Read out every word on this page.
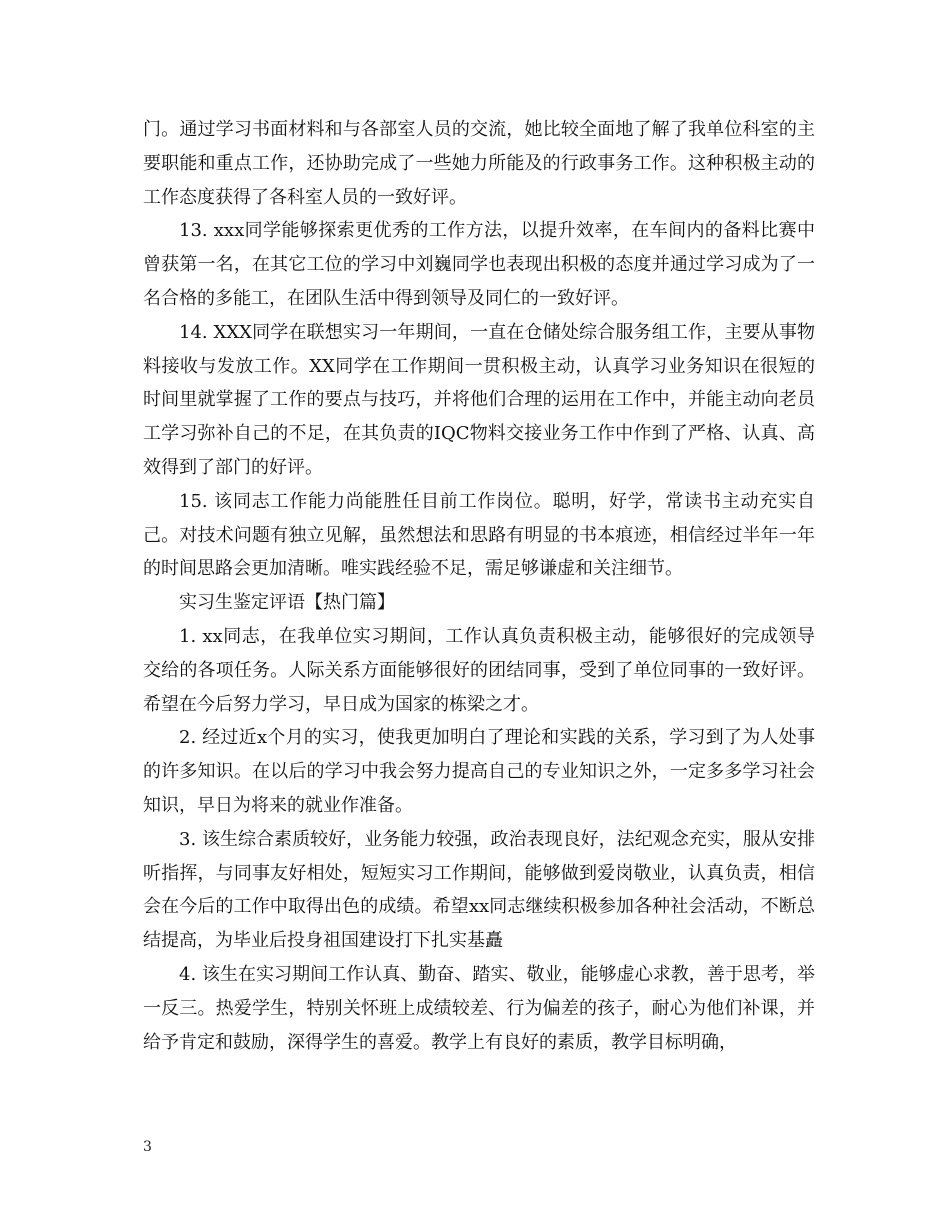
门。通过学习书面材料和与各部室人员的交流，她比较全面地了解了我单位科室的主要职能和重点工作，还协助完成了一些她力所能及的行政事务工作。这种积极主动的工作态度获得了各科室人员的一致好评。

13. xxx同学能够探索更优秀的工作方法，以提升效率，在车间内的备料比赛中曾获第一名，在其它工位的学习中刘巍同学也表现出积极的态度并通过学习成为了一名合格的多能工，在团队生活中得到领导及同仁的一致好评。

14. XXX同学在联想实习一年期间，一直在仓储处综合服务组工作，主要从事物料接收与发放工作。XX同学在工作期间一贯积极主动，认真学习业务知识在很短的时间里就掌握了工作的要点与技巧，并将他们合理的运用在工作中，并能主动向老员工学习弥补自己的不足，在其负责的IQC物料交接业务工作中作到了严格、认真、高效得到了部门的好评。

15. 该同志工作能力尚能胜任目前工作岗位。聪明，好学，常读书主动充实自己。对技术问题有独立见解，虽然想法和思路有明显的书本痕迹，相信经过半年一年的时间思路会更加清晰。唯实践经验不足，需足够谦虚和关注细节。

实习生鉴定评语【热门篇】

1. xx同志，在我单位实习期间，工作认真负责积极主动，能够很好的完成领导交给的各项任务。人际关系方面能够很好的团结同事，受到了单位同事的一致好评。希望在今后努力学习，早日成为国家的栋梁之才。

2. 经过近x个月的实习，使我更加明白了理论和实践的关系，学习到了为人处事的许多知识。在以后的学习中我会努力提高自己的专业知识之外，一定多多学习社会知识，早日为将来的就业作准备。

3. 该生综合素质较好，业务能力较强，政治表现良好，法纪观念充实，服从安排听指挥，与同事友好相处，短短实习工作期间，能够做到爱岗敬业，认真负责，相信会在今后的工作中取得出色的成绩。希望xx同志继续积极参加各种社会活动，不断总结提高，为毕业后投身祖国建设打下扎实基矗

4. 该生在实习期间工作认真、勤奋、踏实、敬业，能够虚心求教，善于思考，举一反三。热爱学生，特别关怀班上成绩较差、行为偏差的孩子，耐心为他们补课，并给予肯定和鼓励，深得学生的喜爱。教学上有良好的素质，教学目标明确，

3
